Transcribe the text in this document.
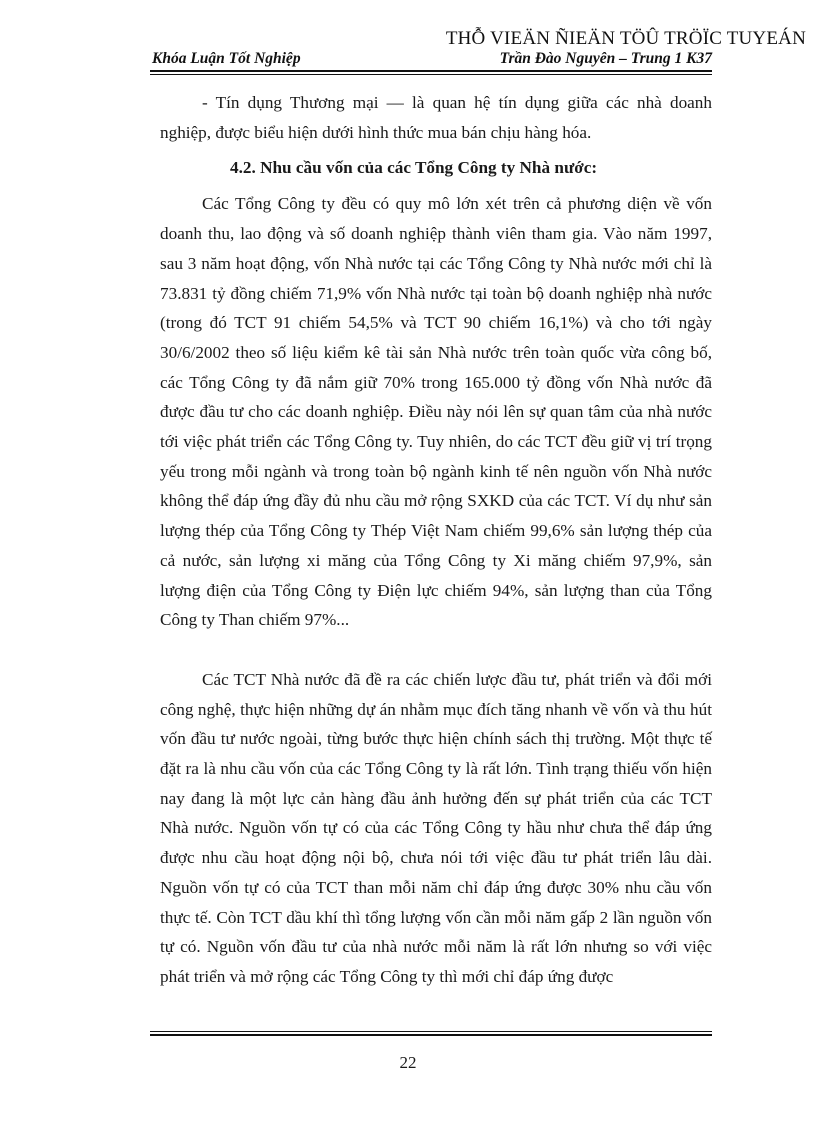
THỖ VIEÄN ÑIEÄN TÖÛ TRÖÏC TUYEÁN
Khóa Luận Tốt Nghiệp	Trần Đào Nguyên – Trung 1 K37

- Tín dụng Thương mại — là quan hệ tín dụng giữa các nhà doanh nghiệp, được biểu hiện dưới hình thức mua bán chịu hàng hóa.

4.2. Nhu cầu vốn của các Tổng Công ty Nhà nước:

Các Tổng Công ty đều có quy mô lớn xét trên cả phương diện về vốn doanh thu, lao động và số doanh nghiệp thành viên tham gia. Vào năm 1997, sau 3 năm hoạt động, vốn Nhà nước tại các Tổng Công ty Nhà nước mới chỉ là 73.831 tỷ đồng chiếm 71,9% vốn Nhà nước tại toàn bộ doanh nghiệp nhà nước (trong đó TCT 91 chiếm 54,5% và TCT 90 chiếm 16,1%) và cho tới ngày 30/6/2002 theo số liệu kiểm kê tài sản Nhà nước trên toàn quốc vừa công bố, các Tổng Công ty đã nắm giữ 70% trong 165.000 tỷ đồng vốn Nhà nước đã được đầu tư cho các doanh nghiệp. Điều này nói lên sự quan tâm của nhà nước tới việc phát triển các Tổng Công ty. Tuy nhiên, do các TCT đều giữ vị trí trọng yếu trong mỗi ngành và trong toàn bộ ngành kinh tế nên nguồn vốn Nhà nước không thể đáp ứng đầy đủ nhu cầu mở rộng SXKD của các TCT. Ví dụ như sản lượng thép của Tổng Công ty Thép Việt Nam chiếm 99,6% sản lượng thép của cả nước, sản lượng xi măng của Tổng Công ty Xi măng chiếm 97,9%, sản lượng điện của Tổng Công ty Điện lực chiếm 94%, sản lượng than của Tổng Công ty Than chiếm 97%...

Các TCT Nhà nước đã đề ra các chiến lược đầu tư, phát triển và đổi mới công nghệ, thực hiện những dự án nhằm mục đích tăng nhanh về vốn và thu hút vốn đầu tư nước ngoài, từng bước thực hiện chính sách thị trường. Một thực tế đặt ra là nhu cầu vốn của các Tổng Công ty là rất lớn. Tình trạng thiếu vốn hiện nay đang là một lực cản hàng đầu ảnh hưởng đến sự phát triển của các TCT Nhà nước. Nguồn vốn tự có của các Tổng Công ty hầu như chưa thể đáp ứng được nhu cầu hoạt động nội bộ, chưa nói tới việc đầu tư phát triển lâu dài. Nguồn vốn tự có của TCT than mỗi năm chỉ đáp ứng được 30% nhu cầu vốn thực tế. Còn TCT dầu khí thì tổng lượng vốn cần mỗi năm gấp 2 lần nguồn vốn tự có. Nguồn vốn đầu tư của nhà nước mỗi năm là rất lớn nhưng so với việc phát triển và mở rộng các Tổng Công ty thì mới chỉ đáp ứng được

22
